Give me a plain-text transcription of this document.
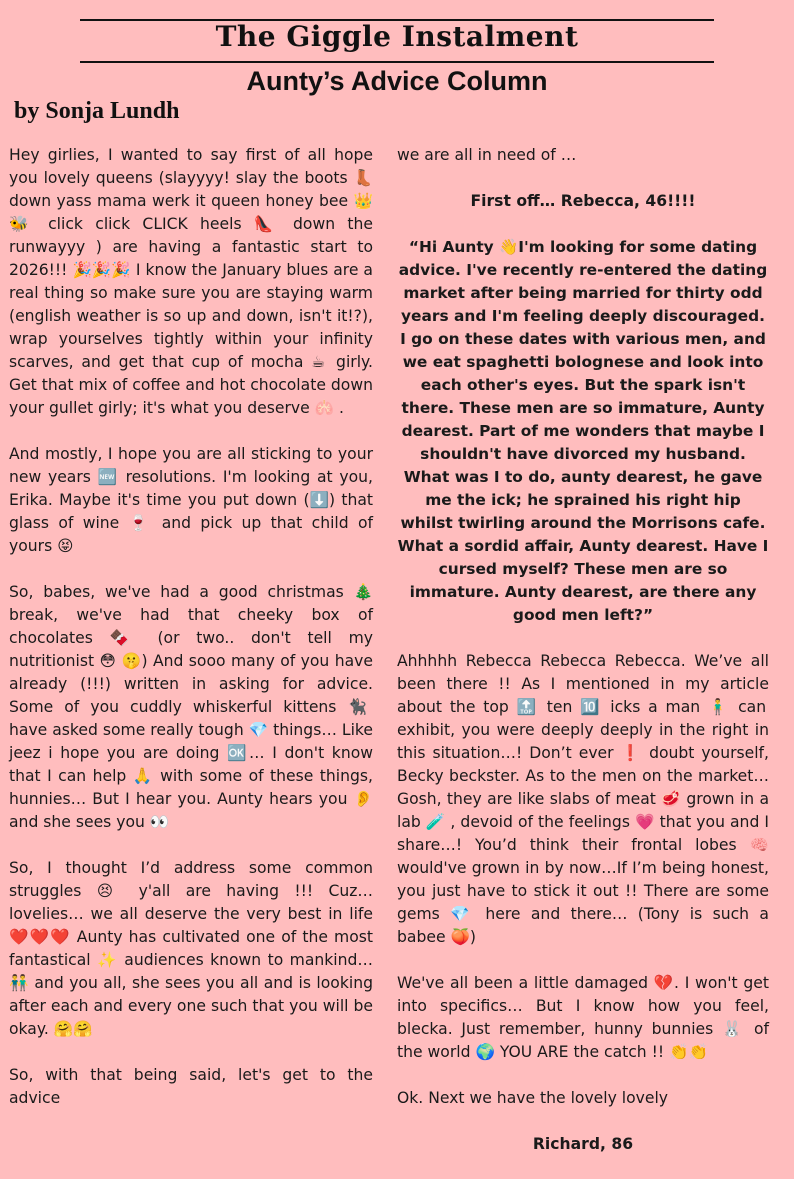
The Giggle Instalment
Aunty’s Advice Column
by Sonja Lundh

Hey girlies, I wanted to say first of all hope you lovely queens (slayyyy! slay the boots 👢 down yass mama werk it queen honey bee 👑 🐝 click click CLICK heels 👠 down the runwayyy ) are having a fantastic start to 2026!!! 🎉🎉🎉 I know the January blues are a real thing so make sure you are staying warm (english weather is so up and down, isn't it!?), wrap yourselves tightly within your infinity scarves, and get that cup of mocha ☕ girly. Get that mix of coffee and hot chocolate down your gullet girly; it's what you deserve 🫁 .

And mostly, I hope you are all sticking to your new years 🆕 resolutions. I'm looking at you, Erika. Maybe it's time you put down (⬇️) that glass of wine 🍷 and pick up that child of yours 😝

So, babes, we've had a good christmas 🎄 break, we've had that cheeky box of chocolates 🍫 (or two.. don't tell my nutritionist 😳 🤫) And sooo many of you have already (!!!) written in asking for advice. Some of you cuddly whiskerful kittens 🐈‍⬛ have asked some really tough 💎 things… Like jeez i hope you are doing 🆗… I don't know that I can help 🙏 with some of these things, hunnies… But I hear you. Aunty hears you 👂 and she sees you 👀

So, I thought I’d address some common struggles 😣 y'all are having !!! Cuz… lovelies… we all deserve the very best in life ❤️❤️❤️ Aunty has cultivated one of the most fantastical ✨ audiences known to mankind… 👬 and you all, she sees you all and is looking after each and every one such that you will be okay. 🤗🤗

So, with that being said, let's get to the advice

we are all in need of …

First off… Rebecca, 46!!!!

“Hi Aunty 👋I'm looking for some dating advice. I've recently re-entered the dating market after being married for thirty odd years and I'm feeling deeply discouraged. I go on these dates with various men, and we eat spaghetti bolognese and look into each other's eyes. But the spark isn't there. These men are so immature, Aunty dearest. Part of me wonders that maybe I shouldn't have divorced my husband. What was I to do, aunty dearest, he gave me the ick; he sprained his right hip whilst twirling around the Morrisons cafe. What a sordid affair, Aunty dearest. Have I cursed myself? These men are so immature. Aunty dearest, are there any good men left?”

Ahhhhh Rebecca Rebecca Rebecca. We’ve all been there !! As I mentioned in my article about the top 🔝 ten 🔟 icks a man 🧍‍♂️ can exhibit, you were deeply deeply in the right in this situation…! Don’t ever ❗ doubt yourself, Becky beckster. As to the men on the market… Gosh, they are like slabs of meat 🥩 grown in a lab 🧪 , devoid of the feelings 💗 that you and I share…! You’d think their frontal lobes 🧠 would've grown in by now…If I’m being honest, you just have to stick it out !! There are some gems 💎 here and there… (Tony is such a babee 🍑)

We've all been a little damaged 💔. I won't get into specifics… But I know how you feel, blecka. Just remember, hunny bunnies 🐰 of the world 🌍 YOU ARE the catch !! 👏👏

Ok. Next we have the lovely lovely

Richard, 86
